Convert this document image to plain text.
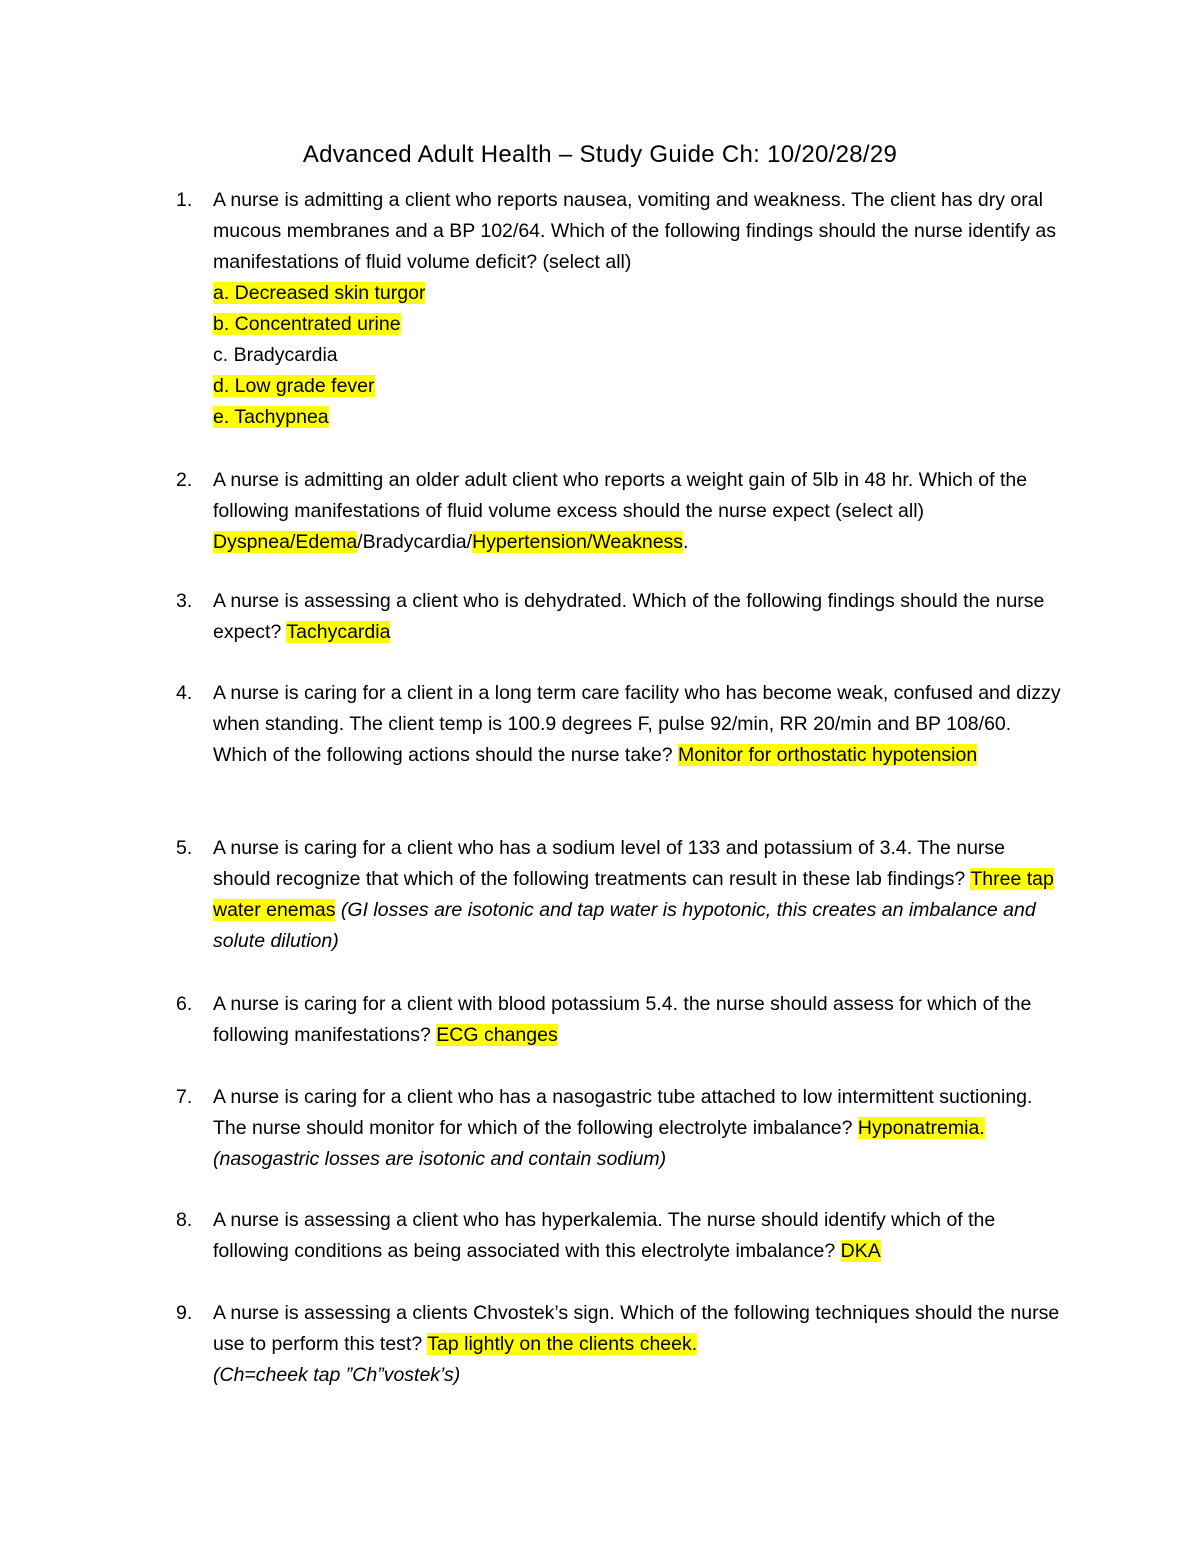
Advanced Adult Health – Study Guide Ch: 10/20/28/29
1.	A nurse is admitting a client who reports nausea, vomiting and weakness. The client has dry oral mucous membranes and a BP 102/64. Which of the following findings should the nurse identify as manifestations of fluid volume deficit? (select all)
a. Decreased skin turgor
b. Concentrated urine
c. Bradycardia
d. Low grade fever
e. Tachypnea
2.	A nurse is admitting an older adult client who reports a weight gain of 5lb in 48 hr. Which of the following manifestations of fluid volume excess should the nurse expect (select all) Dyspnea/Edema/Bradycardia/Hypertension/Weakness.
3.	A nurse is assessing a client who is dehydrated. Which of the following findings should the nurse expect? Tachycardia
4.	A nurse is caring for a client in a long term care facility who has become weak, confused and dizzy when standing. The client temp is 100.9 degrees F, pulse 92/min, RR 20/min and BP 108/60. Which of the following actions should the nurse take? Monitor for orthostatic hypotension
5.	A nurse is caring for a client who has a sodium level of 133 and potassium of 3.4. The nurse should recognize that which of the following treatments can result in these lab findings? Three tap water enemas (GI losses are isotonic and tap water is hypotonic, this creates an imbalance and solute dilution)
6.	A nurse is caring for a client with blood potassium 5.4. the nurse should assess for which of the following manifestations? ECG changes
7.	A nurse is caring for a client who has a nasogastric tube attached to low intermittent suctioning. The nurse should monitor for which of the following electrolyte imbalance? Hyponatremia. (nasogastric losses are isotonic and contain sodium)
8.	A nurse is assessing a client who has hyperkalemia. The nurse should identify which of the following conditions as being associated with this electrolyte imbalance? DKA
9.	A nurse is assessing a clients Chvostek’s sign. Which of the following techniques should the nurse use to perform this test? Tap lightly on the clients cheek.
(Ch=cheek tap ”Ch”vostek’s)
